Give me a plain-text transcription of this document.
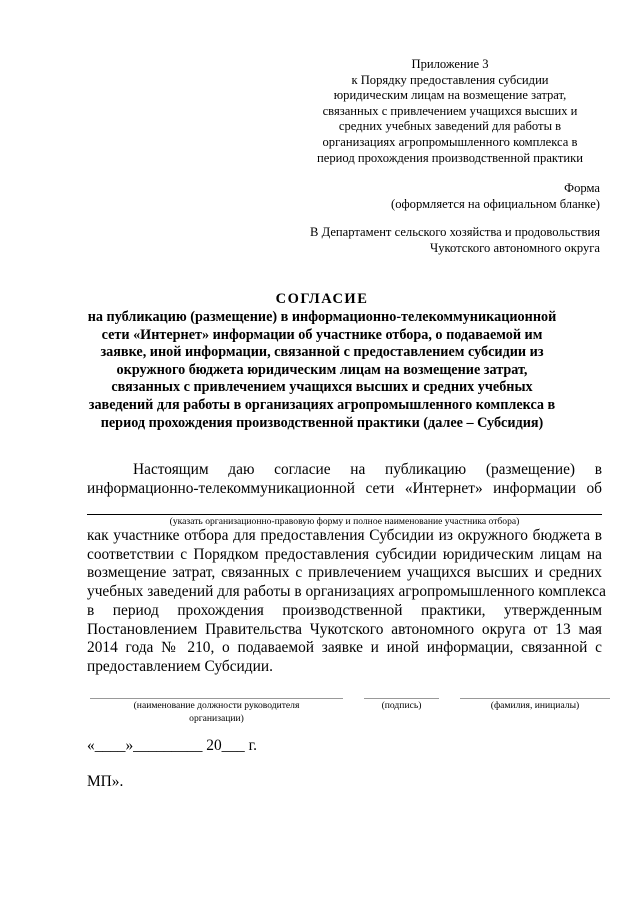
Приложение 3
к Порядку предоставления субсидии
юридическим лицам на возмещение затрат,
связанных с привлечением учащихся высших и
средних учебных заведений для работы в
организациях агропромышленного комплекса в
период прохождения производственной практики
Форма
(оформляется на официальном бланке)
В Департамент сельского хозяйства и продовольствия
Чукотского автономного округа
СОГЛАСИЕ
на публикацию (размещение) в информационно-телекоммуникационной
сети «Интернет» информации об участнике отбора, о подаваемой им
заявке, иной информации, связанной с предоставлением субсидии из
окружного бюджета юридическим лицам на возмещение затрат,
связанных с привлечением учащихся высших и средних учебных
заведений для работы в организациях агропромышленного комплекса в
период прохождения производственной практики (далее – Субсидия)
Настоящим даю согласие на публикацию (размещение) в
информационно-телекоммуникационной сети «Интернет» информации об
(указать организационно-правовую форму и полное наименование участника отбора)
как участнике отбора для предоставления Субсидии из окружного бюджета в
соответствии с Порядком предоставления субсидии юридическим лицам на
возмещение затрат, связанных с привлечением учащихся высших и средних
учебных заведений для работы в организациях агропромышленного комплекса
в период прохождения производственной практики, утвержденным
Постановлением Правительства Чукотского автономного округа от 13 мая
2014 года № 210, о подаваемой заявке и иной информации, связанной с
предоставлением Субсидии.
(наименование должности руководителя
организации)
(подпись)	(фамилия, инициалы)
«____»_________ 20___ г.
МП».
